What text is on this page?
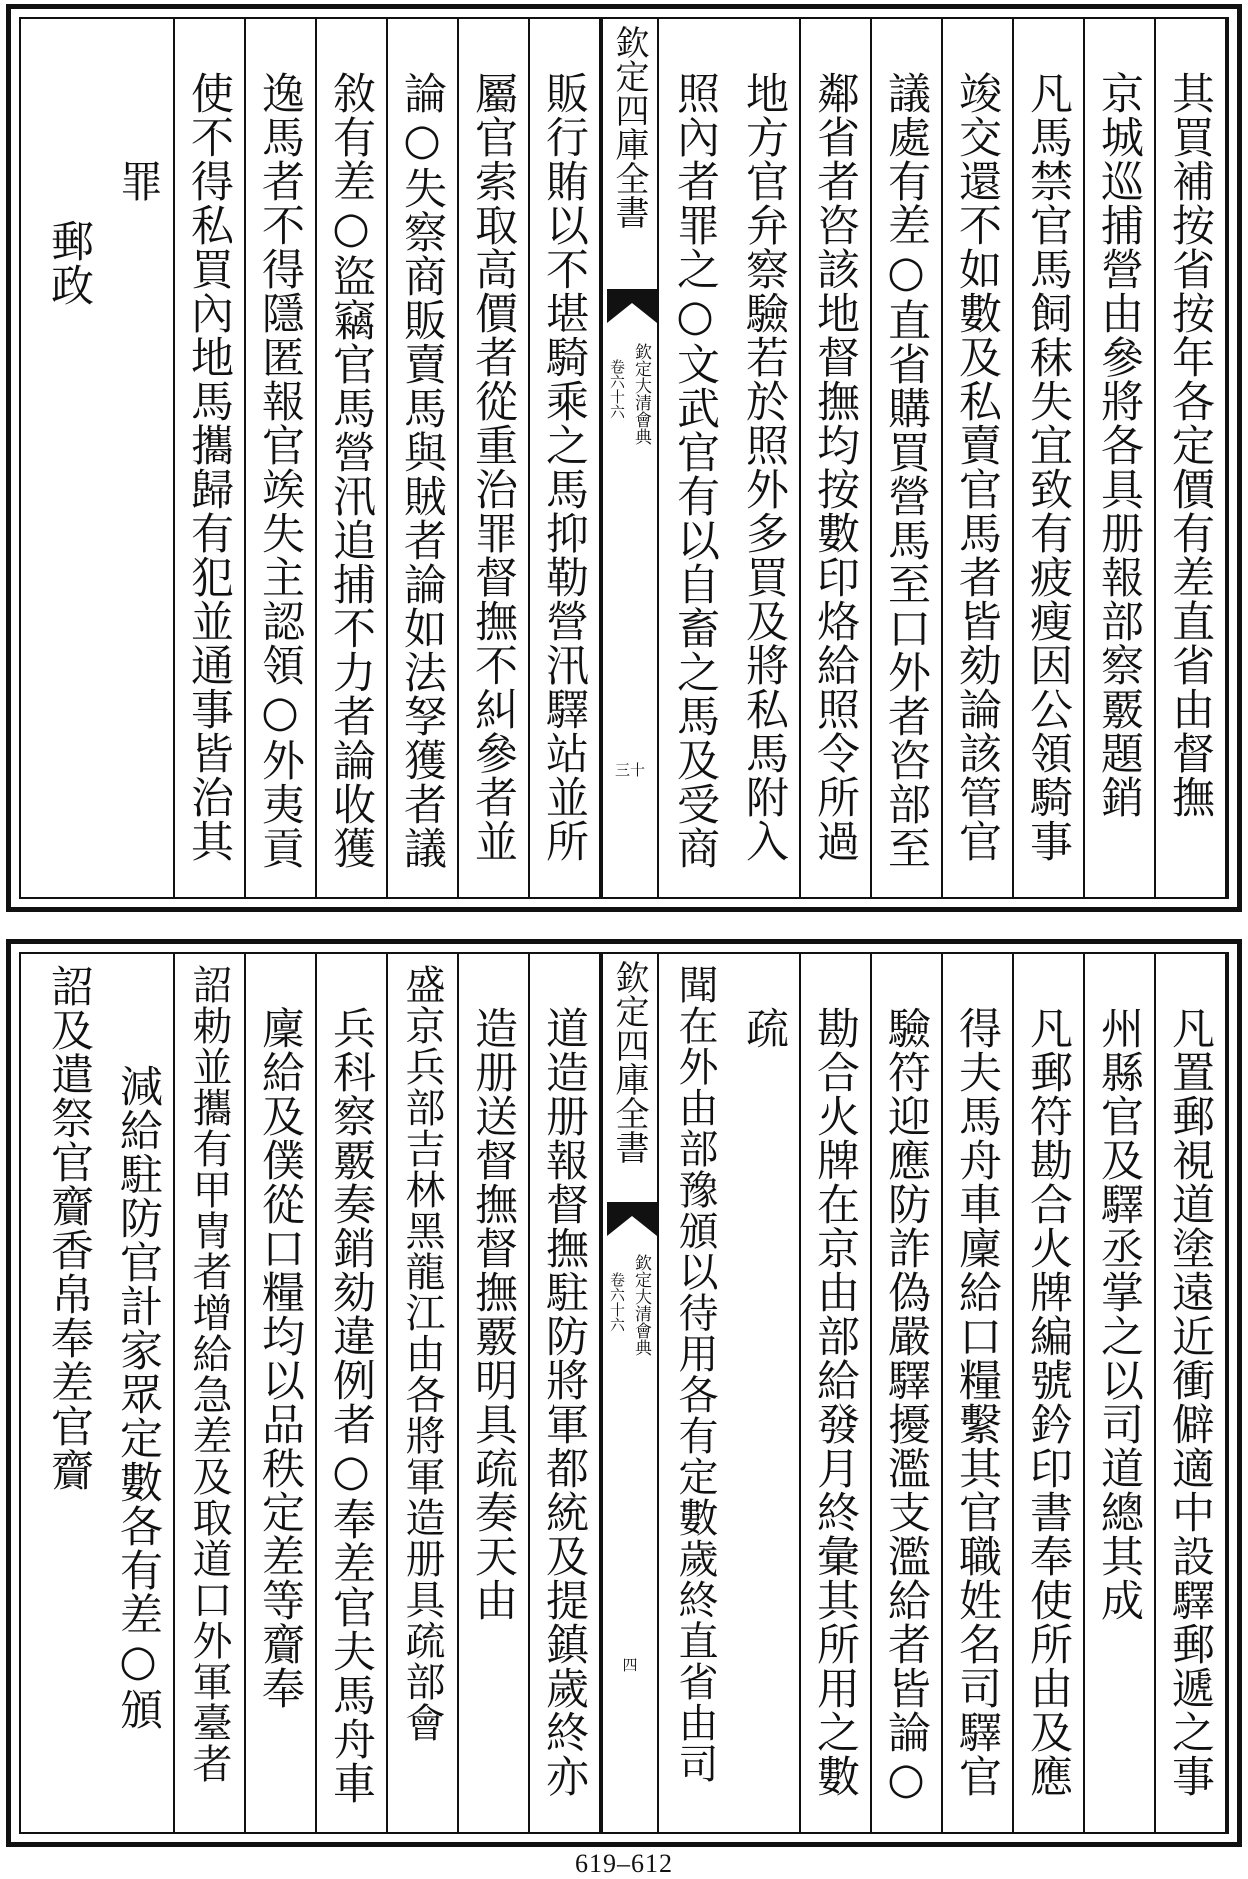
其買補按省按年各定價有差直省由督撫
京城巡捕營由參將各具册報部察覈題銷
凡馬禁官馬飼秣失宜致有疲瘦因公領騎事
竣交還不如數及私賣官馬者皆劾論該管官
議處有差○直省購買營馬至口外者咨部至
鄰省者咨該地督撫均按數印烙給照令所過
地方官弁察驗若於照外多買及將私馬附入
照內者罪之○文武官有以自畜之馬及受商
欽定四庫全書
欽定大清會典
卷六十六
三十
販行賄以不堪騎乘之馬抑勒營汛驛站並所
屬官索取高價者從重治罪督撫不糾參者並
論○失察商販賣馬與賊者論如法孥獲者議
敘有差○盜竊官馬營汛追捕不力者論收獲
逸馬者不得隱匿報官竢失主認領○外夷貢
使不得私買內地馬攜歸有犯並通事皆治其
罪
郵政
凡置郵視道塗遠近衝僻適中設驛郵遞之事
州縣官及驛丞掌之以司道總其成
凡郵符勘合火牌編號鈐印書奉使所由及應
得夫馬舟車廩給口糧繫其官職姓名司驛官
驗符迎應防詐偽嚴驛擾濫支濫給者皆論○
勘合火牌在京由部給發月終彙其所用之數
疏
聞在外由部豫頒以待用各有定數歲終直省由司
欽定四庫全書
欽定大清會典
卷六十六
四
道造册報督撫駐防將軍都統及提鎮歲終亦
造册送督撫督撫覈明具疏奏天由
盛京兵部吉林黑龍江由各將軍造册具疏部會
兵科察覈奏銷劾違例者○奉差官夫馬舟車
廩給及僕從口糧均以品秩定差等齎奉
詔勅並攜有甲冑者增給急差及取道口外軍臺者
減給駐防官計家眾定數各有差○頒
詔及遣祭官齎香帛奉差官齎
619–612
